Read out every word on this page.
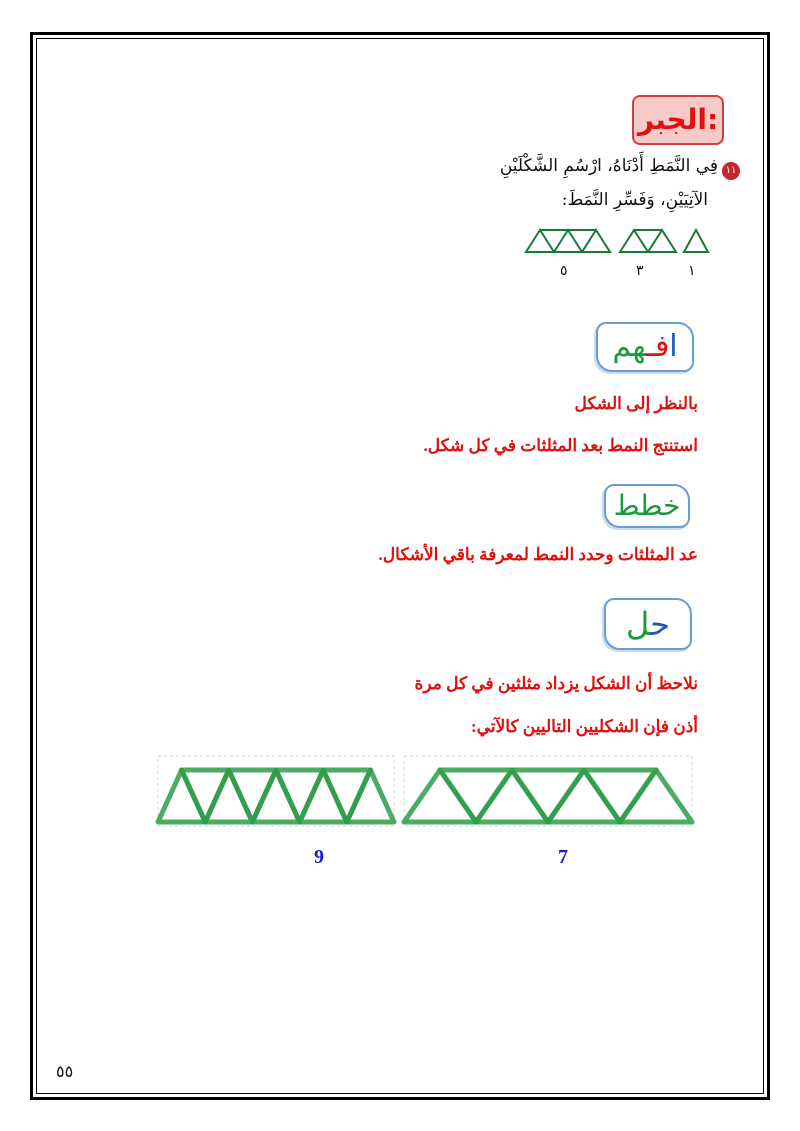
الجبر:
١١
فِي النَّمَطِ أَدْنَاهُ، ارْسُمِ الشَّكْلَيْنِ
الآتِيَيْنِ، وَفَسِّرِ النَّمَطَ:
٥	٣	١
افـهم
بالنظر إلى الشكل
استنتج النمط بعد المثلثات في كل شكل.
خطط
عد المثلثات وحدد النمط لمعرفة باقي الأشكال.
حل
نلاحظ أن الشكل يزداد مثلثين في كل مرة
أذن فإن الشكليين التاليين كالآتي:
9	7
٥٥
